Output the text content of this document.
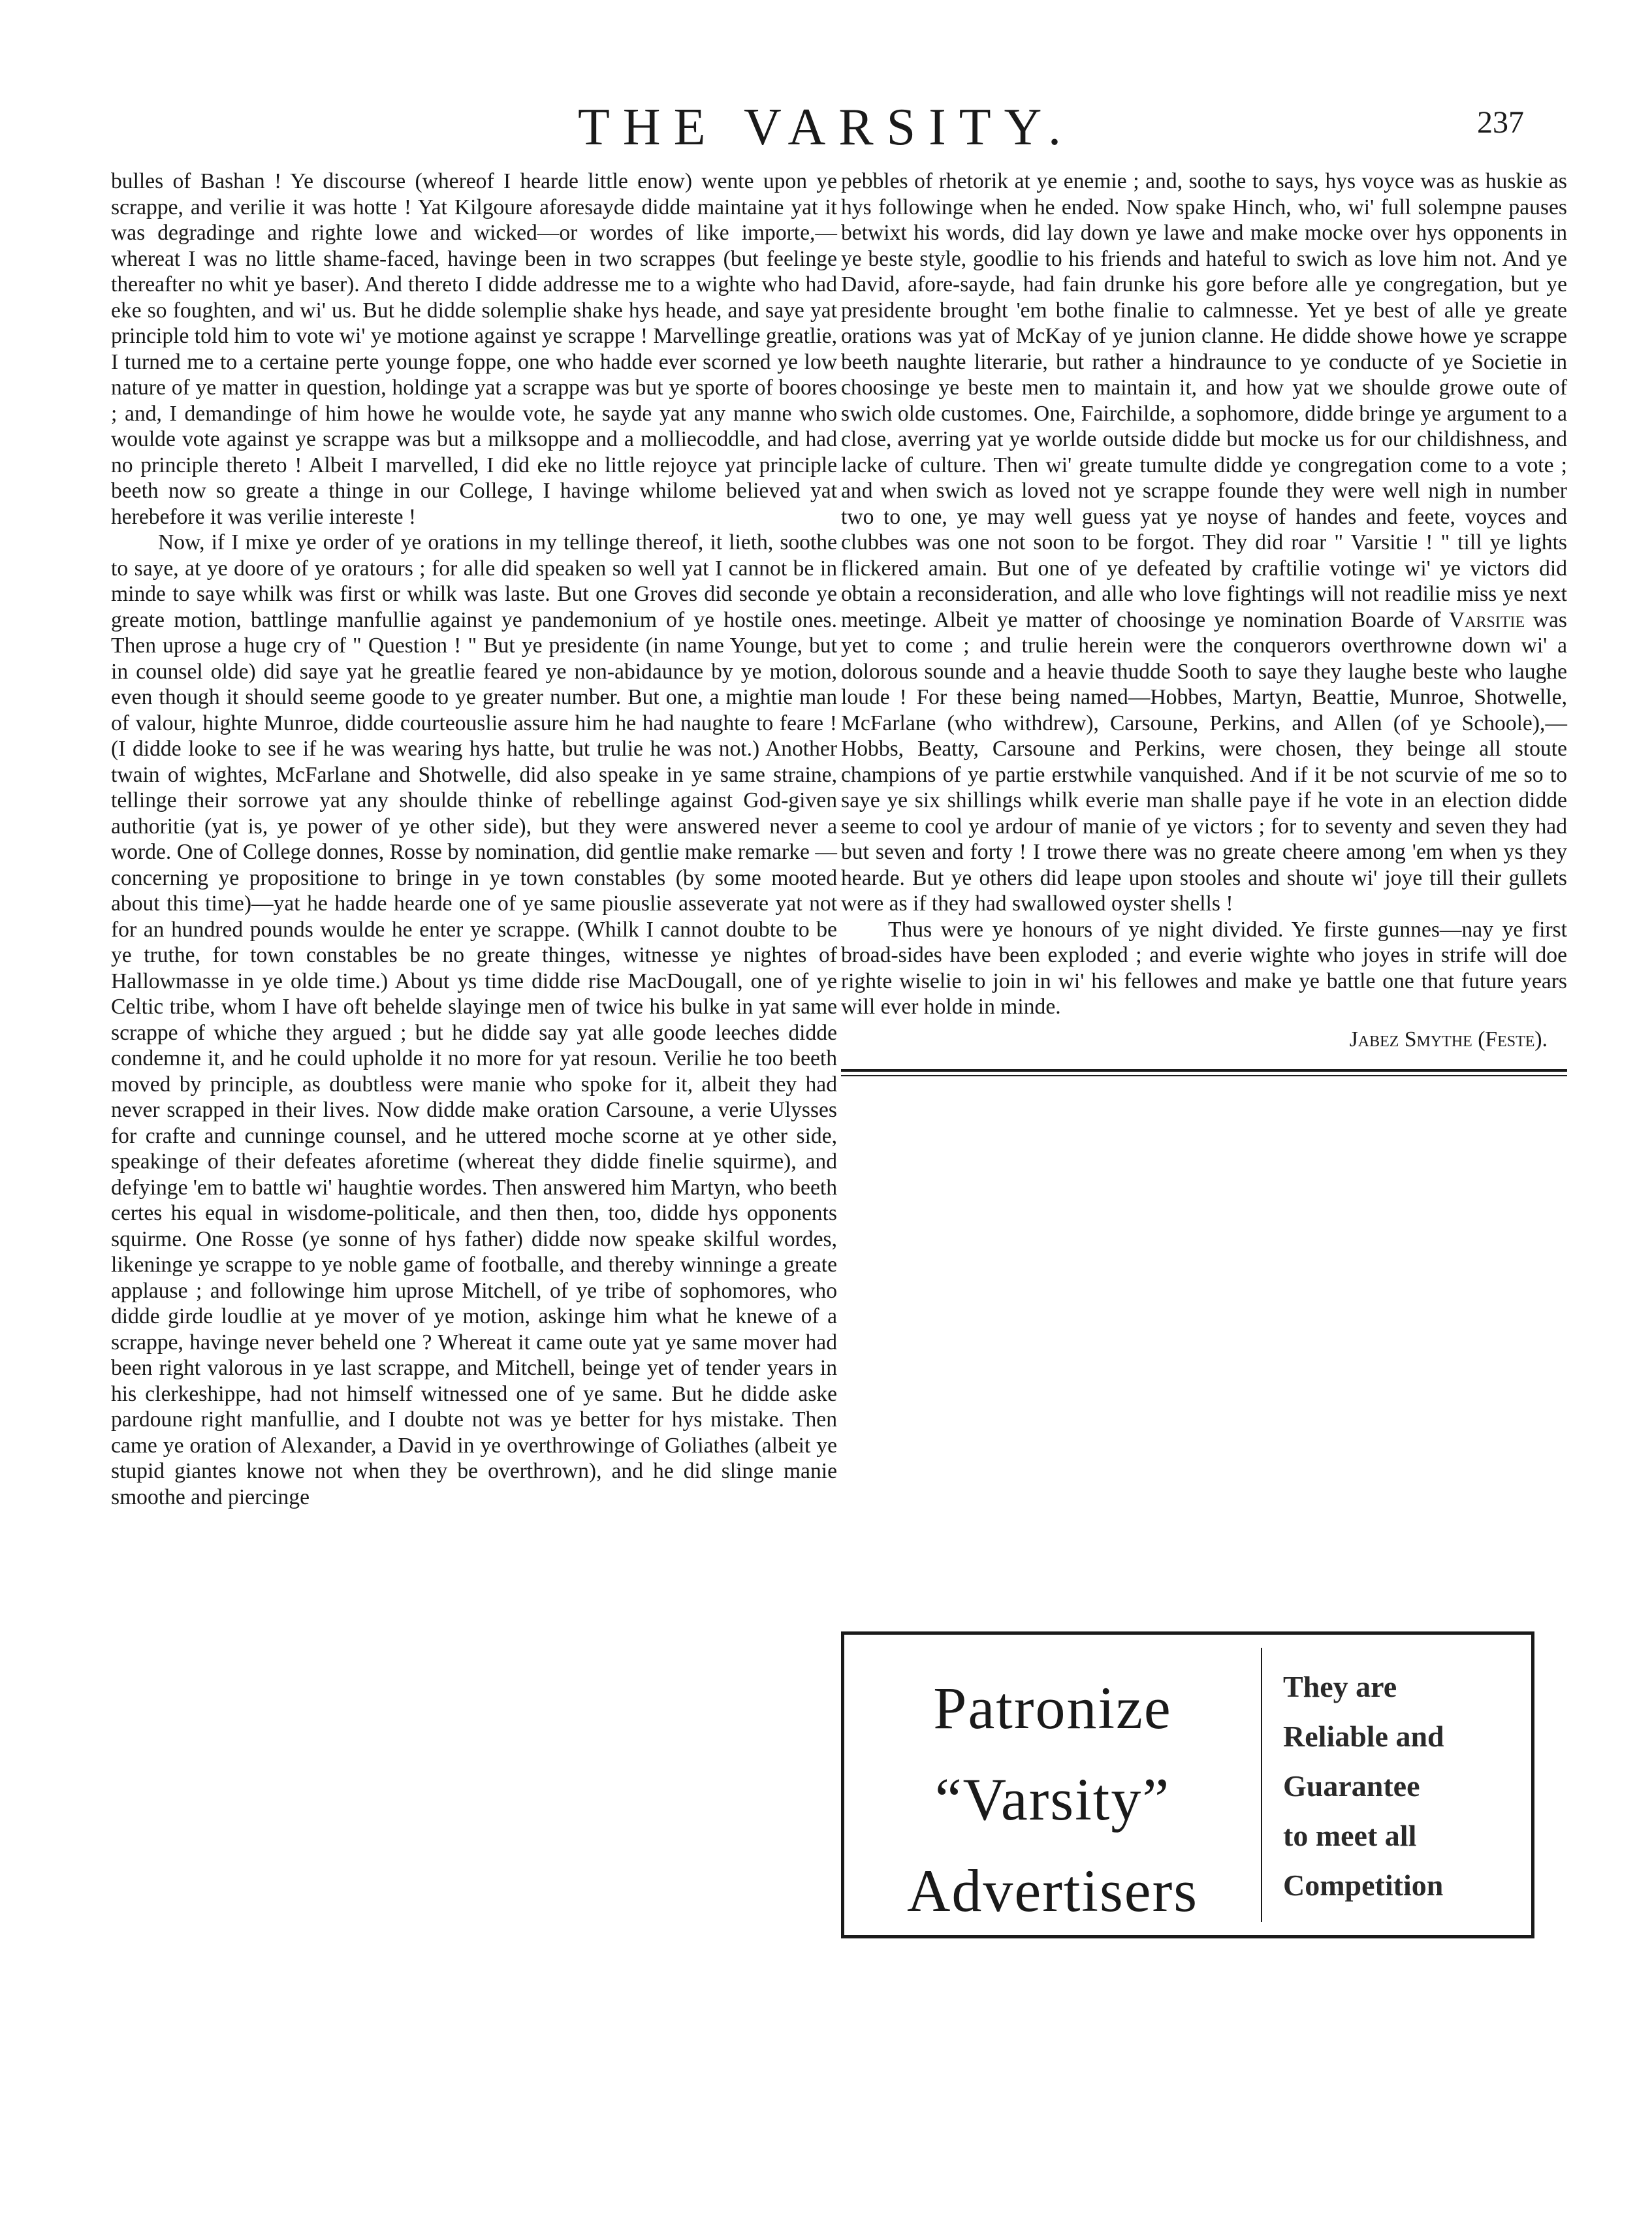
THE VARSITY.	237

bulles of Bashan ! Ye discourse (whereof I hearde little enow) wente upon ye scrappe, and verilie it was hotte ! Yat Kilgoure aforesayde didde maintaine yat it was degradinge and righte lowe and wicked—or wordes of like importe,—whereat I was no little shame-faced, havinge been in two scrappes (but feelinge thereafter no whit ye baser). And thereto I didde addresse me to a wighte who had eke so foughten, and wi' us. But he didde solemplie shake hys heade, and saye yat principle told him to vote wi' ye motione against ye scrappe ! Marvellinge greatlie, I turned me to a certaine perte younge foppe, one who hadde ever scorned ye low nature of ye matter in question, holdinge yat a scrappe was but ye sporte of boores ; and, I demandinge of him howe he woulde vote, he sayde yat any manne who woulde vote against ye scrappe was but a milksoppe and a molliecoddle, and had no principle thereto ! Albeit I marvelled, I did eke no little rejoyce yat principle beeth now so greate a thinge in our College, I havinge whilome believed yat herebefore it was verilie intereste !

Now, if I mixe ye order of ye orations in my tellinge thereof, it lieth, soothe to saye, at ye doore of ye oratours ; for alle did speaken so well yat I cannot be in minde to saye whilk was first or whilk was laste. But one Groves did seconde ye greate motion, battlinge manfullie against ye pandemonium of ye hostile ones. Then uprose a huge cry of " Question ! " But ye presidente (in name Younge, but in counsel olde) did saye yat he greatlie feared ye non-abidaunce by ye motion, even though it should seeme goode to ye greater number. But one, a mightie man of valour, highte Munroe, didde courteouslie assure him he had naughte to feare ! (I didde looke to see if he was wearing hys hatte, but trulie he was not.) Another twain of wightes, McFarlane and Shotwelle, did also speake in ye same straine, tellinge their sorrowe yat any shoulde thinke of rebellinge against God-given authoritie (yat is, ye power of ye other side), but they were answered never a worde. One of College donnes, Rosse by nomination, did gentlie make remarke — concerning ye propositione to bringe in ye town constables (by some mooted about this time)—yat he hadde hearde one of ye same piouslie asseverate yat not for an hundred pounds woulde he enter ye scrappe. (Whilk I cannot doubte to be ye truthe, for town constables be no greate thinges, witnesse ye nightes of Hallowmasse in ye olde time.) About ys time didde rise MacDougall, one of ye Celtic tribe, whom I have oft behelde slayinge men of twice his bulke in yat same scrappe of whiche they argued ; but he didde say yat alle goode leeches didde condemne it, and he could upholde it no more for yat resoun. Verilie he too beeth moved by principle, as doubtless were manie who spoke for it, albeit they had never scrapped in their lives. Now didde make oration Carsoune, a verie Ulysses for crafte and cunninge counsel, and he uttered moche scorne at ye other side, speakinge of their defeates aforetime (whereat they didde finelie squirme), and defyinge 'em to battle wi' haughtie wordes. Then answered him Martyn, who beeth certes his equal in wisdome-politicale, and then then, too, didde hys opponents squirme. One Rosse (ye sonne of hys father) didde now speake skilful wordes, likeninge ye scrappe to ye noble game of footballe, and thereby winninge a greate applause ; and followinge him uprose Mitchell, of ye tribe of sophomores, who didde girde loudlie at ye mover of ye motion, askinge him what he knewe of a scrappe, havinge never beheld one ? Whereat it came oute yat ye same mover had been right valorous in ye last scrappe, and Mitchell, beinge yet of tender years in his clerkeshippe, had not himself witnessed one of ye same. But he didde aske pardoune right manfullie, and I doubte not was ye better for hys mistake. Then came ye oration of Alexander, a David in ye overthrowinge of Goliathes (albeit ye stupid giantes knowe not when they be overthrown), and he did slinge manie smoothe and piercinge

pebbles of rhetorik at ye enemie ; and, soothe to says, hys voyce was as huskie as hys followinge when he ended. Now spake Hinch, who, wi' full solempne pauses betwixt his words, did lay down ye lawe and make mocke over hys opponents in ye beste style, goodlie to his friends and hateful to swich as love him not. And ye David, afore-sayde, had fain drunke his gore before alle ye congregation, but ye presidente brought 'em bothe finalie to calmnesse. Yet ye best of alle ye greate orations was yat of McKay of ye junion clanne. He didde showe howe ye scrappe beeth naughte literarie, but rather a hindraunce to ye conducte of ye Societie in choosinge ye beste men to maintain it, and how yat we shoulde growe oute of swich olde customes. One, Fairchilde, a sophomore, didde bringe ye argument to a close, averring yat ye worlde outside didde but mocke us for our childishness, and lacke of culture. Then wi' greate tumulte didde ye congregation come to a vote ; and when swich as loved not ye scrappe founde they were well nigh in number two to one, ye may well guess yat ye noyse of handes and feete, voyces and clubbes was one not soon to be forgot. They did roar " Varsitie ! " till ye lights flickered amain. But one of ye defeated by craftilie votinge wi' ye victors did obtain a reconsideration, and alle who love fightings will not readilie miss ye next meetinge. Albeit ye matter of choosinge ye nomination Boarde of Varsitie was yet to come ; and trulie herein were the conquerors overthrowne down wi' a dolorous sounde and a heavie thudde Sooth to saye they laughe beste who laughe loude ! For these being named—Hobbes, Martyn, Beattie, Munroe, Shotwelle, McFarlane (who withdrew), Carsoune, Perkins, and Allen (of ye Schoole),—Hobbs, Beatty, Carsoune and Perkins, were chosen, they beinge all stoute champions of ye partie erstwhile vanquished. And if it be not scurvie of me so to saye ye six shillings whilk everie man shalle paye if he vote in an election didde seeme to cool ye ardour of manie of ye victors ; for to seventy and seven they had but seven and forty ! I trowe there was no greate cheere among 'em when ys they hearde. But ye others did leape upon stooles and shoute wi' joye till their gullets were as if they had swallowed oyster shells !

Thus were ye honours of ye night divided. Ye firste gunnes—nay ye first broad-sides have been exploded ; and everie wighte who joyes in strife will doe righte wiselie to join in wi' his fellowes and make ye battle one that future years will ever holde in minde.

Jabez Smythe (Feste).
Patronize
“Varsity”
Advertisers
They are
Reliable and
Guarantee
to meet all
Competition
